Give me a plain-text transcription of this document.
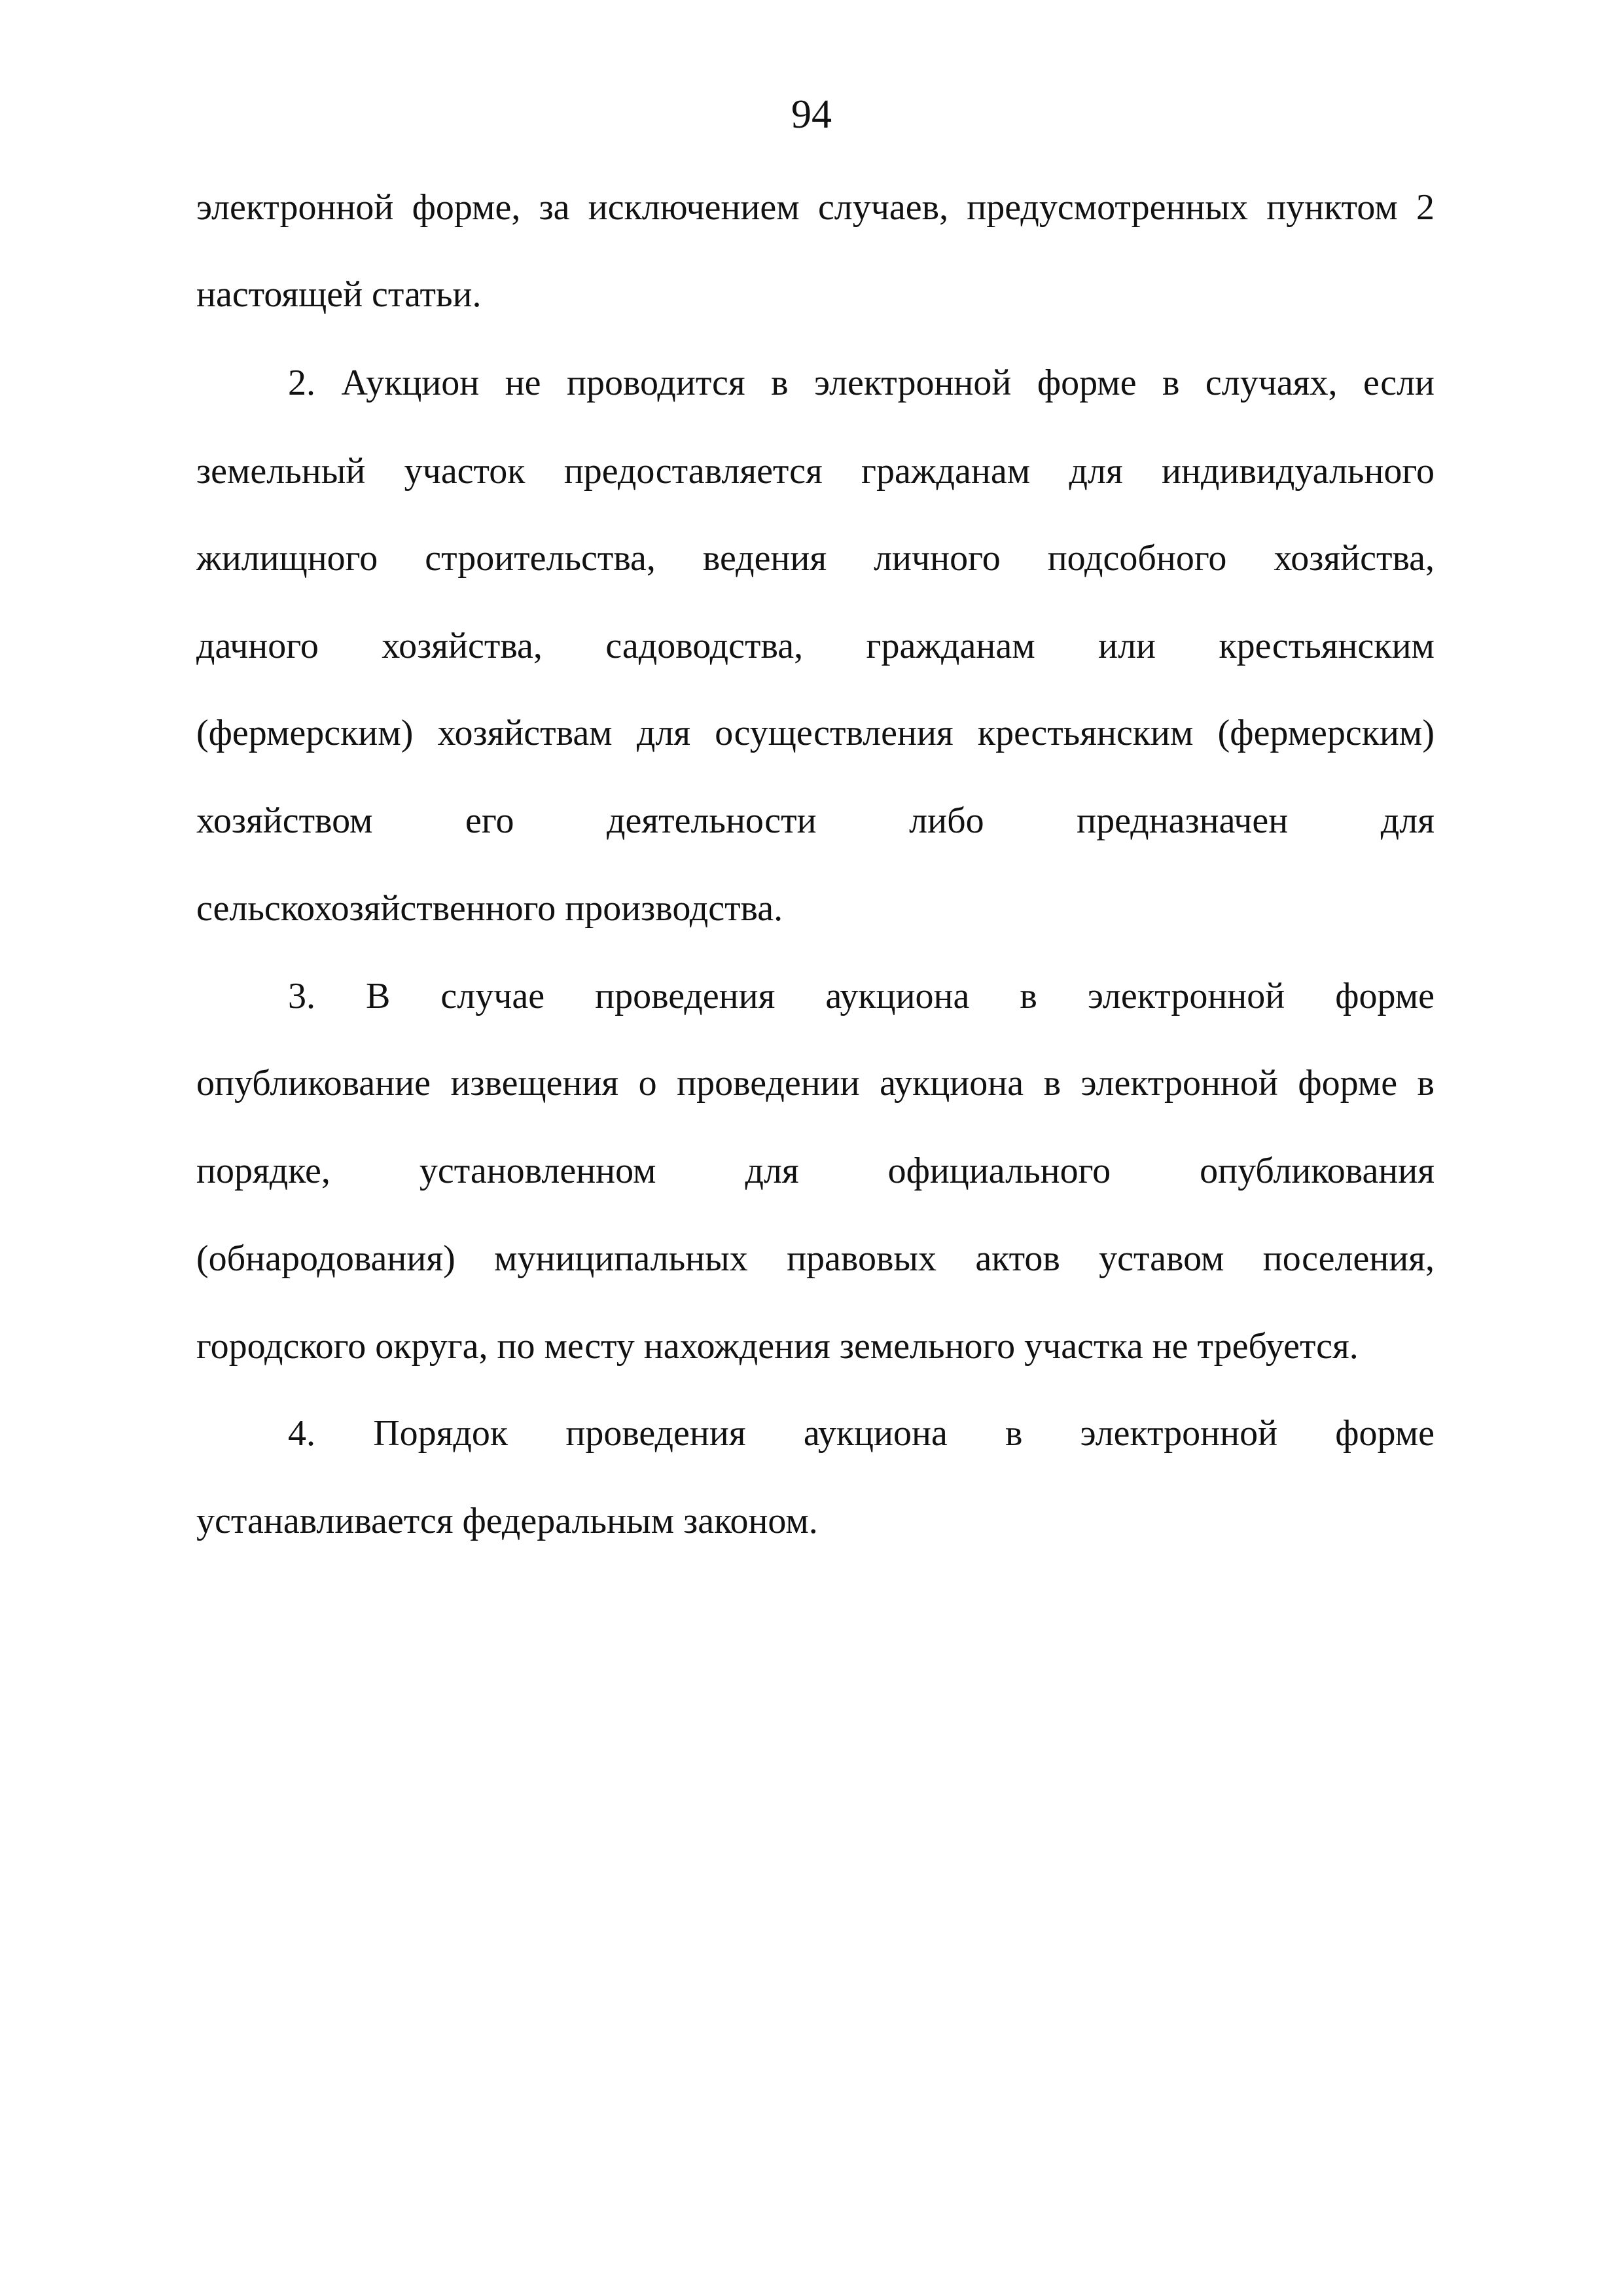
94
электронной форме, за исключением случаев, предусмотренных пунктом 2
настоящей статьи.
2. Аукцион не проводится в электронной форме в случаях, если
земельный участок предоставляется гражданам для индивидуального
жилищного строительства, ведения личного подсобного хозяйства,
дачного хозяйства, садоводства, гражданам или крестьянским
(фермерским) хозяйствам для осуществления крестьянским (фермерским)
хозяйством его деятельности либо предназначен для
сельскохозяйственного производства.
3. В случае проведения аукциона в электронной форме
опубликование извещения о проведении аукциона в электронной форме в
порядке, установленном для официального опубликования
(обнародования) муниципальных правовых актов уставом поселения,
городского округа, по месту нахождения земельного участка не требуется.
4. Порядок проведения аукциона в электронной форме
устанавливается федеральным законом.
